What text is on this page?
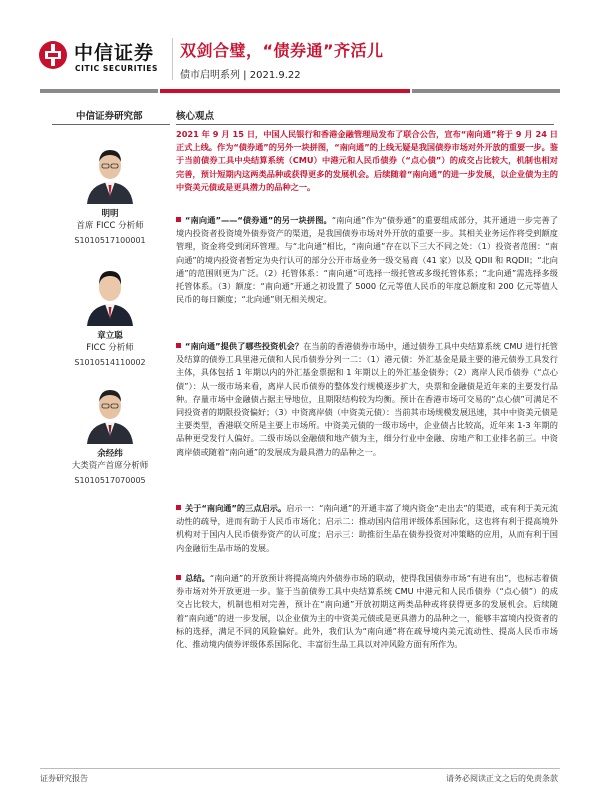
中信证券
CITIC SECURITIES
双剑合璧，“债券通”齐活儿
债市启明系列 | 2021.9.22
中信证券研究部	核心观点
明明
首席 FICC 分析师
S1010517100001
章立聪
FICC 分析师
S1010514110002
余经纬
大类资产首席分析师
S1010517070005
2021 年 9 月 15 日，中国人民银行和香港金融管理局发布了联合公告，宣布“南向通”将于 9 月 24 日正式上线。作为“债券通”的另外一块拼图，“南向通”的上线无疑是我国债券市场对外开放的重要一步。鉴于当前债券工具中央结算系统（CMU）中港元和人民币债券（“点心债”）的成交占比较大，机制也相对完善，预计短期内这两类品种或获得更多的发展机会。后续随着“南向通”的进一步发展，以企业债为主的中资美元债或是更具潜力的品种之一。
“南向通”——“债券通”的另一块拼图。“南向通”作为“债券通”的重要组成部分，其开通进一步完善了境内投资者投资境外债券资产的渠道，是我国债券市场对外开放的重要一步。其相关业务运作将受到额度管理，资金将受到闭环管理。与“北向通”相比，“南向通”存在以下三大不同之处：（1）投资者范围：“南向通”的境内投资者暂定为央行认可的部分公开市场业务一级交易商（41 家）以及 QDII 和 RQDII；“北向通”的范围则更为广泛。（2）托管体系：“南向通”可选择一级托管或多级托管体系；“北向通”需选择多级托管体系。（3）额度：“南向通”开通之初设置了 5000 亿元等值人民币的年度总额度和 200 亿元等值人民币的每日额度；“北向通”则无相关规定。
“南向通”提供了哪些投资机会？在当前的香港债券市场中，通过债券工具中央结算系统 CMU 进行托管及结算的债券工具里港元债和人民币债券分列一二：（1）港元债：外汇基金是最主要的港元债券工具发行主体，具体包括 1 年期以内的外汇基金票据和 1 年期以上的外汇基金债券；（2）离岸人民币债券（“点心债”）：从一级市场来看，离岸人民币债券的整体发行规模逐步扩大，央票和金融债是近年来的主要发行品种。存量市场中金融债占据主导地位，且期限结构较为均衡。预计在香港市场可交易的“点心债”可满足不同投资者的期限投资偏好；（3）中资离岸债（中资美元债）：当前其市场规模发展迅速，其中中资美元债是主要类型，香港联交所是主要上市场所。中资美元债的一级市场中，企业债占比较高，近年来 1-3 年期的品种更受发行人偏好。二级市场以金融债和地产债为主，细分行业中金融、房地产和工业排名前三。中资离岸债或随着“南向通”的发展成为最具潜力的品种之一。
关于“南向通”的三点启示。启示一：“南向通”的开通丰富了境内资金“走出去”的渠道，或有利于美元流动性的疏导，进而有助于人民币市场化；启示二：推动国内信用评级体系国际化，这也将有利于提高境外机构对于国内人民币债券资产的认可度；启示三：助推衍生品在债券投资对冲策略的应用，从而有利于国内金融衍生品市场的发展。
总结。“南向通”的开放预计将提高境内外债券市场的联动，使得我国债券市场“有进有出”，也标志着债券市场对外开放更进一步。鉴于当前债券工具中央结算系统 CMU 中港元和人民币债券（“点心债”）的成交占比较大，机制也相对完善，预计在“南向通”开放初期这两类品种或将获得更多的发展机会。后续随着“南向通”的进一步发展，以企业债为主的中资美元债或是更具潜力的品种之一，能够丰富境内投资者的标的选择，满足不同的风险偏好。此外，我们认为“南向通”将在疏导境内美元流动性、提高人民币市场化、推动境内债券评级体系国际化、丰富衍生品工具以对冲风险方面有所作为。
证券研究报告	请务必阅读正文之后的免责条款
